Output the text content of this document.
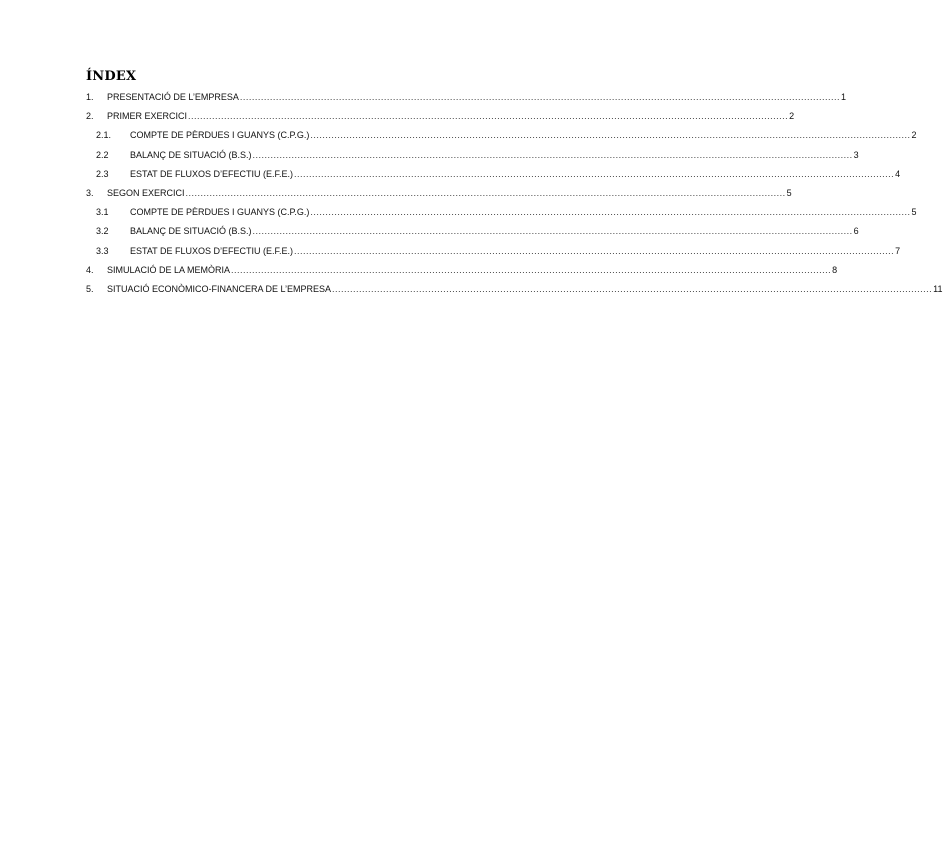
ÍNDEX
1.	PRESENTACIÓ DE L’EMPRESA ........................................................................................................................................................................................................ 1
2.	PRIMER EXERCICI ........................................................................................................................................................................................................ 2
2.1.	COMPTE DE PÈRDUES I GUANYS (C.P.G.) ........................................................................................................................................................................................................ 2
2.2	BALANÇ DE SITUACIÓ (B.S.) ........................................................................................................................................................................................................ 3
2.3	ESTAT DE FLUXOS D’EFECTIU (E.F.E.) ........................................................................................................................................................................................................ 4
3.	SEGON EXERCICI ........................................................................................................................................................................................................ 5
3.1	COMPTE DE PÈRDUES I GUANYS (C.P.G.) ........................................................................................................................................................................................................ 5
3.2	BALANÇ DE SITUACIÓ (B.S.) ........................................................................................................................................................................................................ 6
3.3	ESTAT DE FLUXOS D’EFECTIU (E.F.E.) ........................................................................................................................................................................................................ 7
4.	SIMULACIÓ DE LA MEMÒRIA ........................................................................................................................................................................................................ 8
5.	SITUACIÓ ECONÒMICO-FINANCERA DE L’EMPRESA ........................................................................................................................................................................................................ 11
